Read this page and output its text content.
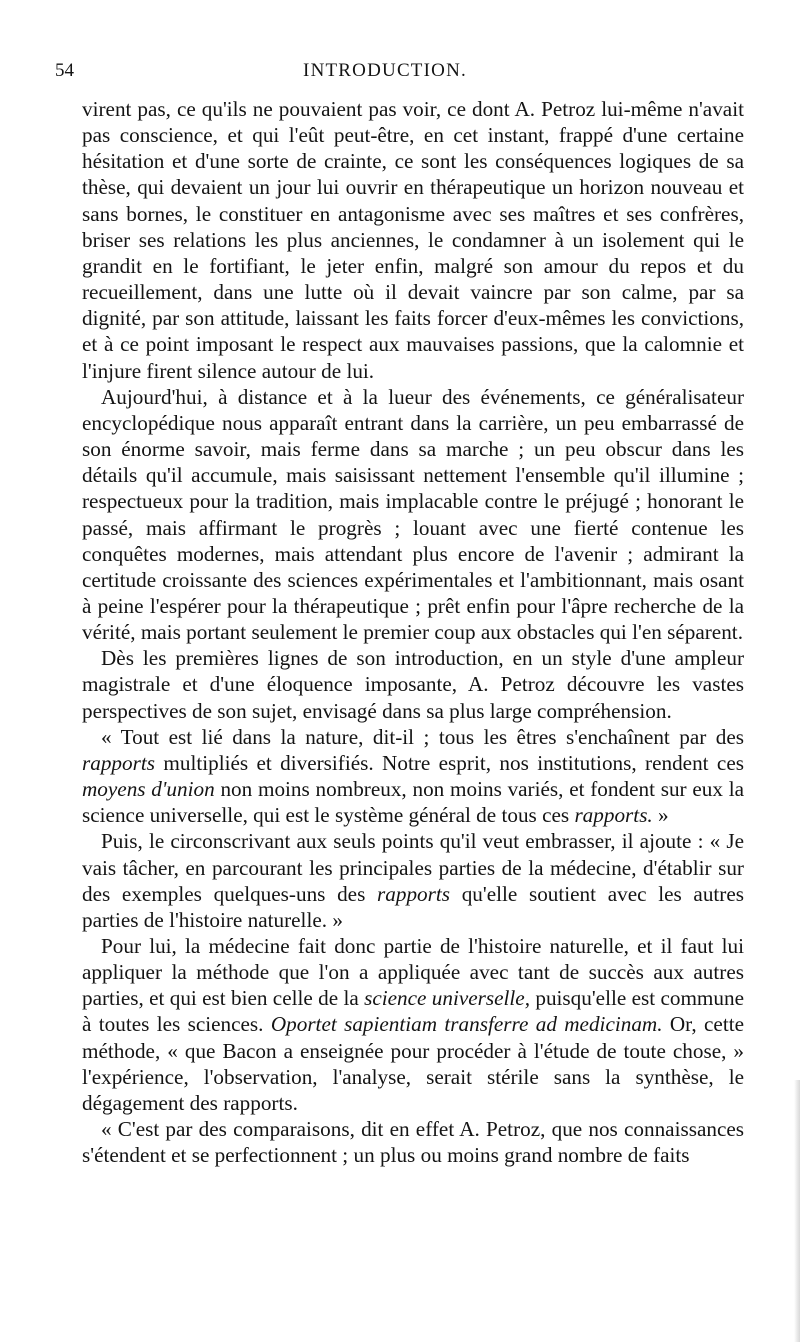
54	INTRODUCTION.

virent pas, ce qu'ils ne pouvaient pas voir, ce dont A. Petroz lui-même n'avait pas conscience, et qui l'eût peut-être, en cet instant, frappé d'une certaine hésitation et d'une sorte de crainte, ce sont les conséquences logiques de sa thèse, qui devaient un jour lui ouvrir en thérapeutique un horizon nouveau et sans bornes, le constituer en antagonisme avec ses maîtres et ses confrères, briser ses relations les plus anciennes, le condamner à un isolement qui le grandit en le fortifiant, le jeter enfin, malgré son amour du repos et du recueillement, dans une lutte où il devait vaincre par son calme, par sa dignité, par son attitude, laissant les faits forcer d'eux-mêmes les convictions, et à ce point imposant le respect aux mauvaises passions, que la calomnie et l'injure firent silence autour de lui.

Aujourd'hui, à distance et à la lueur des événements, ce généralisateur encyclopédique nous apparaît entrant dans la carrière, un peu embarrassé de son énorme savoir, mais ferme dans sa marche ; un peu obscur dans les détails qu'il accumule, mais saisissant nettement l'ensemble qu'il illumine ; respectueux pour la tradition, mais implacable contre le préjugé ; honorant le passé, mais affirmant le progrès ; louant avec une fierté contenue les conquêtes modernes, mais attendant plus encore de l'avenir ; admirant la certitude croissante des sciences expérimentales et l'ambitionnant, mais osant à peine l'espérer pour la thérapeutique ; prêt enfin pour l'âpre recherche de la vérité, mais portant seulement le premier coup aux obstacles qui l'en séparent.

Dès les premières lignes de son introduction, en un style d'une ampleur magistrale et d'une éloquence imposante, A. Petroz découvre les vastes perspectives de son sujet, envisagé dans sa plus large compréhension.

« Tout est lié dans la nature, dit-il ; tous les êtres s'enchaînent par des rapports multipliés et diversifiés. Notre esprit, nos institutions, rendent ces moyens d'union non moins nombreux, non moins variés, et fondent sur eux la science universelle, qui est le système général de tous ces rapports. »

Puis, le circonscrivant aux seuls points qu'il veut embrasser, il ajoute : « Je vais tâcher, en parcourant les principales parties de la médecine, d'établir sur des exemples quelques-uns des rapports qu'elle soutient avec les autres parties de l'histoire naturelle. »

Pour lui, la médecine fait donc partie de l'histoire naturelle, et il faut lui appliquer la méthode que l'on a appliquée avec tant de succès aux autres parties, et qui est bien celle de la science universelle, puisqu'elle est commune à toutes les sciences. Oportet sapientiam transferre ad medicinam. Or, cette méthode, « que Bacon a enseignée pour procéder à l'étude de toute chose, » l'expérience, l'observation, l'analyse, serait stérile sans la synthèse, le dégagement des rapports.

« C'est par des comparaisons, dit en effet A. Petroz, que nos connaissances s'étendent et se perfectionnent ; un plus ou moins grand nombre de faits
